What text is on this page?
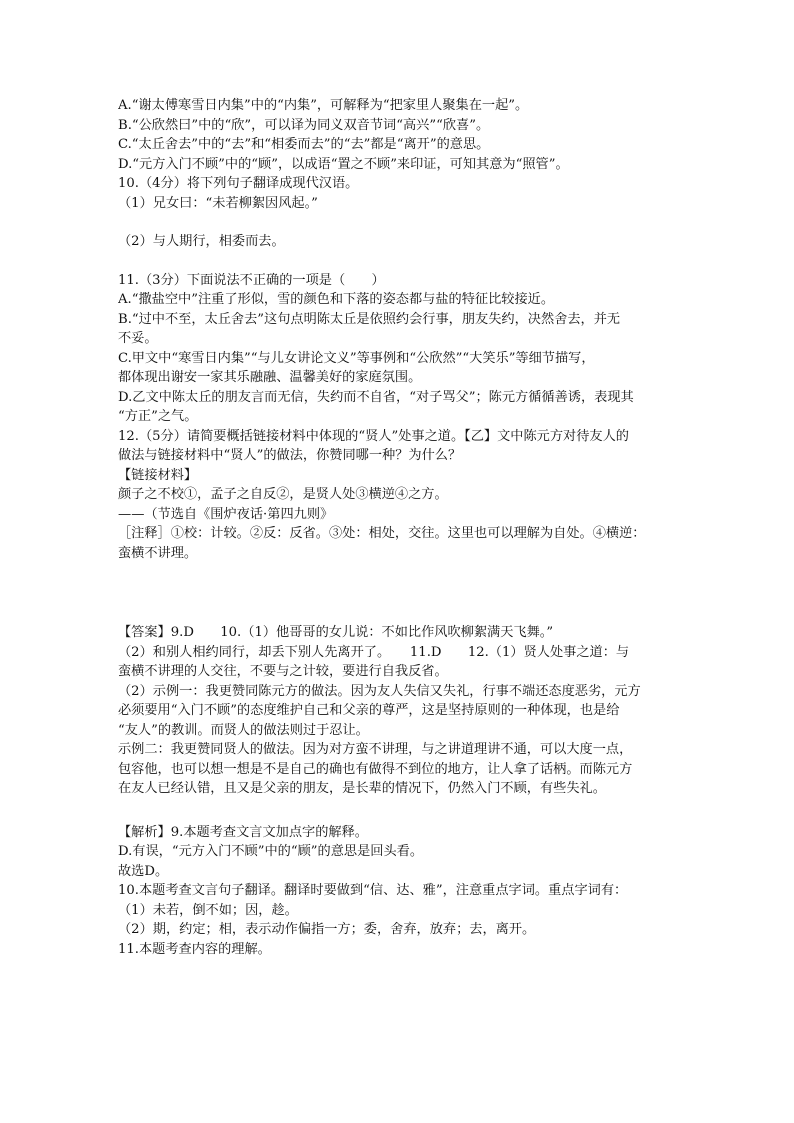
A.“谢太傅寒雪日内集”中的“内集”，可解释为“把家里人聚集在一起”。
B.“公欣然曰”中的“欣”，可以译为同义双音节词“高兴”“欣喜”。
C.“太丘舍去”中的“去”和“相委而去”的“去”都是“离开”的意思。
D.“元方入门不顾”中的“顾”，以成语“置之不顾”来印证，可知其意为“照管”。
10.（4分）将下列句子翻译成现代汉语。
（1）兄女曰：“未若柳絮因风起。”
（2）与人期行，相委而去。
11.（3分）下面说法不正确的一项是（　　）
A.“撒盐空中”注重了形似，雪的颜色和下落的姿态都与盐的特征比较接近。
B.“过中不至，太丘舍去”这句点明陈太丘是依照约会行事，朋友失约，决然舍去，并无
不妥。
C.甲文中“寒雪日内集”“与儿女讲论文义”等事例和“公欣然”“大笑乐”等细节描写，
都体现出谢安一家其乐融融、温馨美好的家庭氛围。
D.乙文中陈太丘的朋友言而无信，失约而不自省，“对子骂父”；陈元方循循善诱，表现其
“方正”之气。
12.（5分）请简要概括链接材料中体现的“贤人”处事之道。【乙】文中陈元方对待友人的
做法与链接材料中“贤人”的做法，你赞同哪一种？为什么？
【链接材料】
颜子之不校①，孟子之自反②，是贤人处③横逆④之方。
——（节选自《围炉夜话·第四九则》
［注释］①校：计较。②反：反省。③处：相处，交往。这里也可以理解为自处。④横逆：
蛮横不讲理。
【答案】9.D　　10.（1）他哥哥的女儿说：不如比作风吹柳絮满天飞舞。”
（2）和别人相约同行，却丢下别人先离开了。　　11.D　　12.（1）贤人处事之道：与
蛮横不讲理的人交往，不要与之计较，要进行自我反省。
（2）示例一：我更赞同陈元方的做法。因为友人失信又失礼，行事不端还态度恶劣，元方
必须要用“入门不顾”的态度维护自己和父亲的尊严，这是坚持原则的一种体现，也是给
“友人”的教训。而贤人的做法则过于忍让。
示例二：我更赞同贤人的做法。因为对方蛮不讲理，与之讲道理讲不通，可以大度一点，
包容他，也可以想一想是不是自己的确也有做得不到位的地方，让人拿了话柄。而陈元方
在友人已经认错，且又是父亲的朋友，是长辈的情况下，仍然入门不顾，有些失礼。
【解析】9.本题考查文言文加点字的解释。
D.有误，“元方入门不顾”中的“顾”的意思是回头看。
故选D。
10.本题考查文言句子翻译。翻译时要做到“信、达、雅”，注意重点字词。重点字词有：
（1）未若，倒不如；因，趁。
（2）期，约定；相，表示动作偏指一方；委，舍弃，放弃；去，离开。
11.本题考查内容的理解。
